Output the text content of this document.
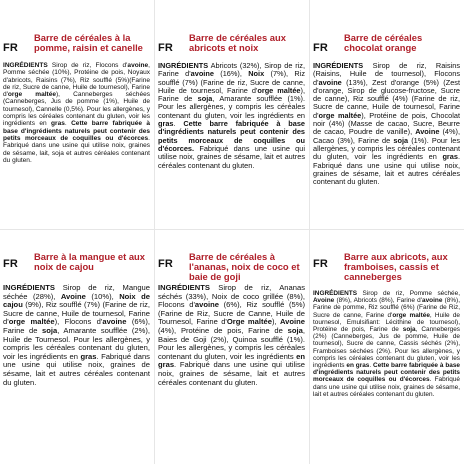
FR
Barre de céréales à la pomme, raisin et canelle
INGRÉDIENTS Sirop de riz, Flocons d'avoine, Pomme séchée (10%), Protéine de pois, Noyaux d'abricots, Raisins (7%), Riz soufflé (5%)(Farine de riz, Sucre de canne, Huile de tournesol), Farine d'orge maltée), Canneberges séchées (Canneberges, Jus de pomme (1%), Huile de tournesol), Cannelle (0,5%). Pour les allergènes, y compris les céréales contenant du gluten, voir les ingrédients en gras. Cette barre fabriquée à base d'ingrédients naturels peut contenir des petits morceaux de coquilles ou d'écorces. Fabriqué dans une usine qui utilise noix, graines de sésame, lait, soja et autres céréales contenant du gluten.
FR
Barre de céréales aux abricots et noix
INGRÉDIENTS Abricots (32%), Sirop de riz, Farine d'avoine (16%), Noix (7%), Riz soufflé (7%) (Farine de riz, Sucre de canne, Huile de tournesol, Farine d'orge maltée), Farine de soja, Amarante soufflée (1%). Pour les allergènes, y compris les céréales contenant du gluten, voir les ingrédients en gras. Cette barre fabriquée à base d'ingrédients naturels peut contenir des petits morceaux de coquilles ou d'écorces. Fabriqué dans une usine qui utilise noix, graines de sésame, lait et autres céréales contenant du gluten.
FR
Barre de céréales chocolat orange
INGRÉDIENTS Sirop de riz, Raisins (Raisins, Huile de tournesol), Flocons d'avoine (13%), Zest d'orange (5%) (Zest d'orange, Sirop de glucose-fructose, Sucre de canne), Riz soufflé (4%) (Farine de riz, Sucre de canne, Huile de tournesol, Farine d'orge maltée), Protéine de pois, Chocolat noir (4%) (Masse de cacao, Sucre, Beurre de cacao, Poudre de vanille), Avoine (4%), Cacao (3%), Farine de soja (1%). Pour les allergènes, y compris les céréales contenant du gluten, voir les ingrédients en gras. Fabriqué dans une usine qui utilise noix, graines de sésame, lait et autres céréales contenant du gluten.
FR
Barre à la mangue et aux noix de cajou
INGRÉDIENTS Sirop de riz, Mangue séchée (28%), Avoine (10%), Noix de cajou (9%), Riz soufflé (7%) (Farine de riz, Sucre de canne, Huile de tournesol, Farine d'orge maltée), Flocons d'avoine (6%), Farine de soja, Amarante soufflée (2%), Huile de Tournesol. Pour les allergènes, y compris les céréales contenant du gluten, voir les ingrédients en gras. Fabriqué dans une usine qui utilise noix, graines de sésame, lait et autres céréales contenant du gluten.
FR
Barre de céréales à l'ananas, noix de coco et baie de goji
INGRÉDIENTS Sirop de riz, Ananas séchés (33%), Noix de coco grillée (8%), Flocons d'avoine (6%), Riz soufflé (5%) (Farine de Riz, Sucre de Canne, Huile de Tournesol, Farine d'Orge maltée), Avoine (4%), Protéine de pois, Farine de soja, Baies de Goji (2%), Quinoa soufflé (1%). Pour les allergènes, y compris les céréales contenant du gluten, voir les ingrédients en gras. Fabriqué dans une usine qui utilise noix, graines de sésame, lait et autres céréales contenant du gluten.
FR
Barre aux abricots, aux framboises, cassis et canneberges
INGRÉDIENTS Sirop de riz, Pomme séchée, Avoine (8%), Abricots (8%), Farine d'avoine (8%), Farine de pomme, Riz soufflé (6%) (Farine de Riz, Sucre de canne, Farine d'orge maltée, Huile de tournesol, Emulsifiant: Lécithine de tournesol), Protéine de pois, Farine de soja, Canneberges (2%) (Canneberges, Jus de pomme, Huile de tournesol), Sucre de canne, Cassis séchés (2%), Framboises séchées (2%). Pour les allergènes, y compris les céréales contenant du gluten, voir les ingrédients en gras. Cette barre fabriquée à base d'ingrédients naturels peut contenir des petits morceaux de coquilles ou d'écorces. Fabriqué dans une usine qui utilise noix, graines de sésame, lait et autres céréales contenant du gluten.
